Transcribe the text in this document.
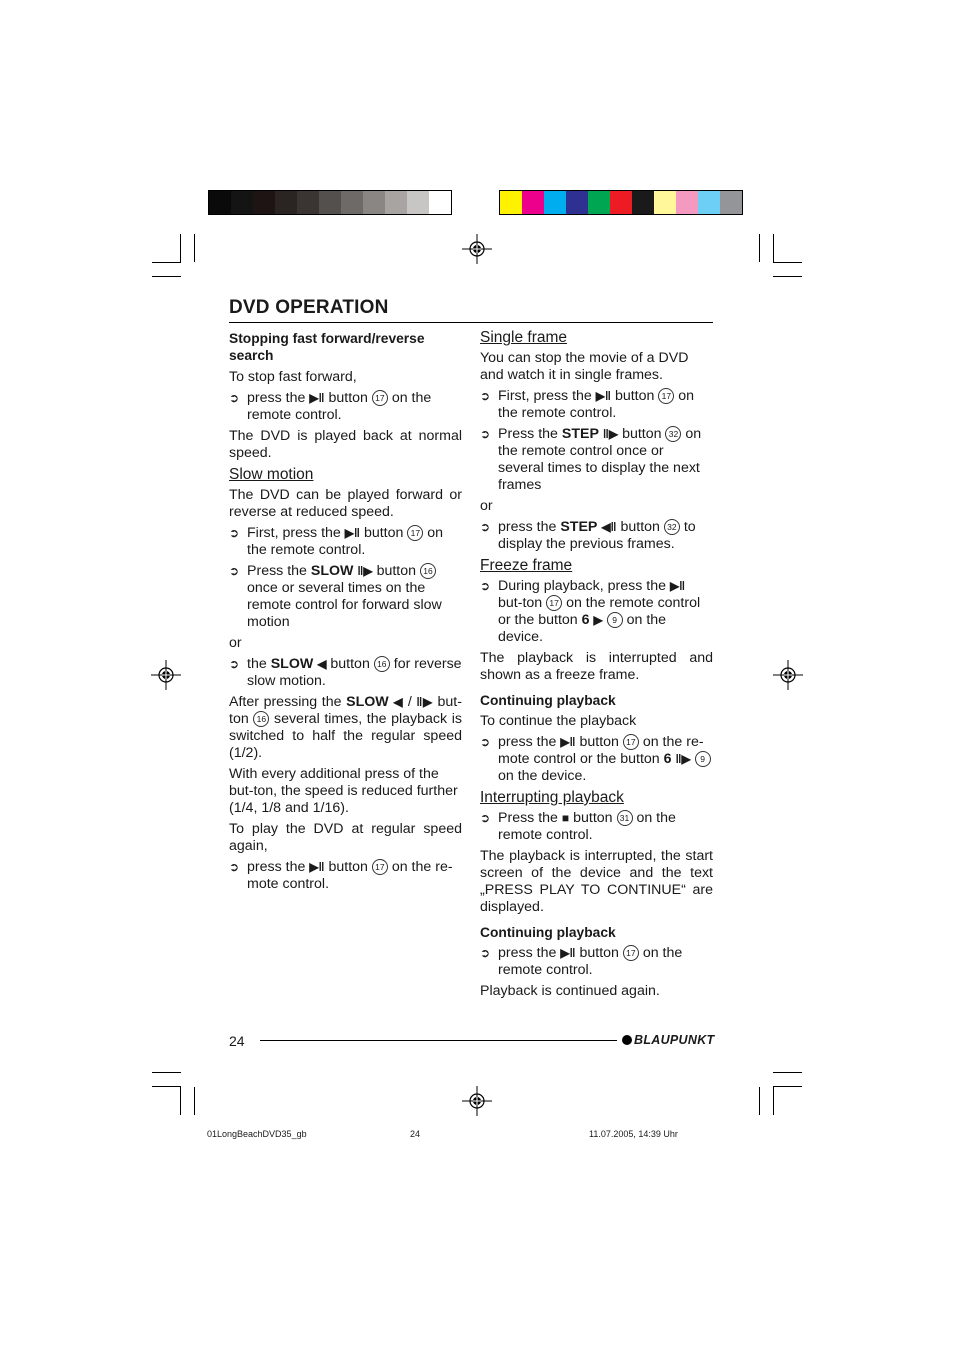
DVD OPERATION

Stopping fast forward/reverse
search

To stop fast forward,

➲ press the ▶‖ button 17 on the remote control.

The DVD is played back at normal speed.

Slow motion

The DVD can be played forward or reverse at reduced speed.

➲ First, press the ▶‖ button 17 on the remote control.
➲ Press the SLOW ‖▶ button 16 once or several times on the remote control for forward slow motion

or

➲ the SLOW ◀ button 16 for reverse slow motion.

After pressing the SLOW ◀ / ‖▶ but-ton 16 several times, the playback is switched to half the regular speed (1/2).

With every additional press of the but-ton, the speed is reduced further (1/4, 1/8 and 1/16).

To play the DVD at regular speed again,

➲ press the ▶‖ button 17 on the re-mote control.

Single frame

You can stop the movie of a DVD and watch it in single frames.

➲ First, press the ▶‖ button 17 on the remote control.
➲ Press the STEP ‖▶ button 32 on the remote control once or several times to display the next frames

or

➲ press the STEP ◀‖ button 32 to display the previous frames.

Freeze frame

➲ During playback, press the ▶‖ but-ton 17 on the remote control or the button 6 ▶ 9 on the device.

The playback is interrupted and shown as a freeze frame.

Continuing playback

To continue the playback

➲ press the ▶‖ button 17 on the re-mote control or the button 6 ‖▶ 9 on the device.

Interrupting playback

➲ Press the ■ button 31 on the remote control.

The playback is interrupted, the start screen of the device and the text „PRESS PLAY TO CONTINUE“ are displayed.

Continuing playback

➲ press the ▶‖ button 17 on the remote control.

Playback is continued again.

24	BLAUPUNKT
01LongBeachDVD35_gb	24	11.07.2005, 14:39 Uhr
